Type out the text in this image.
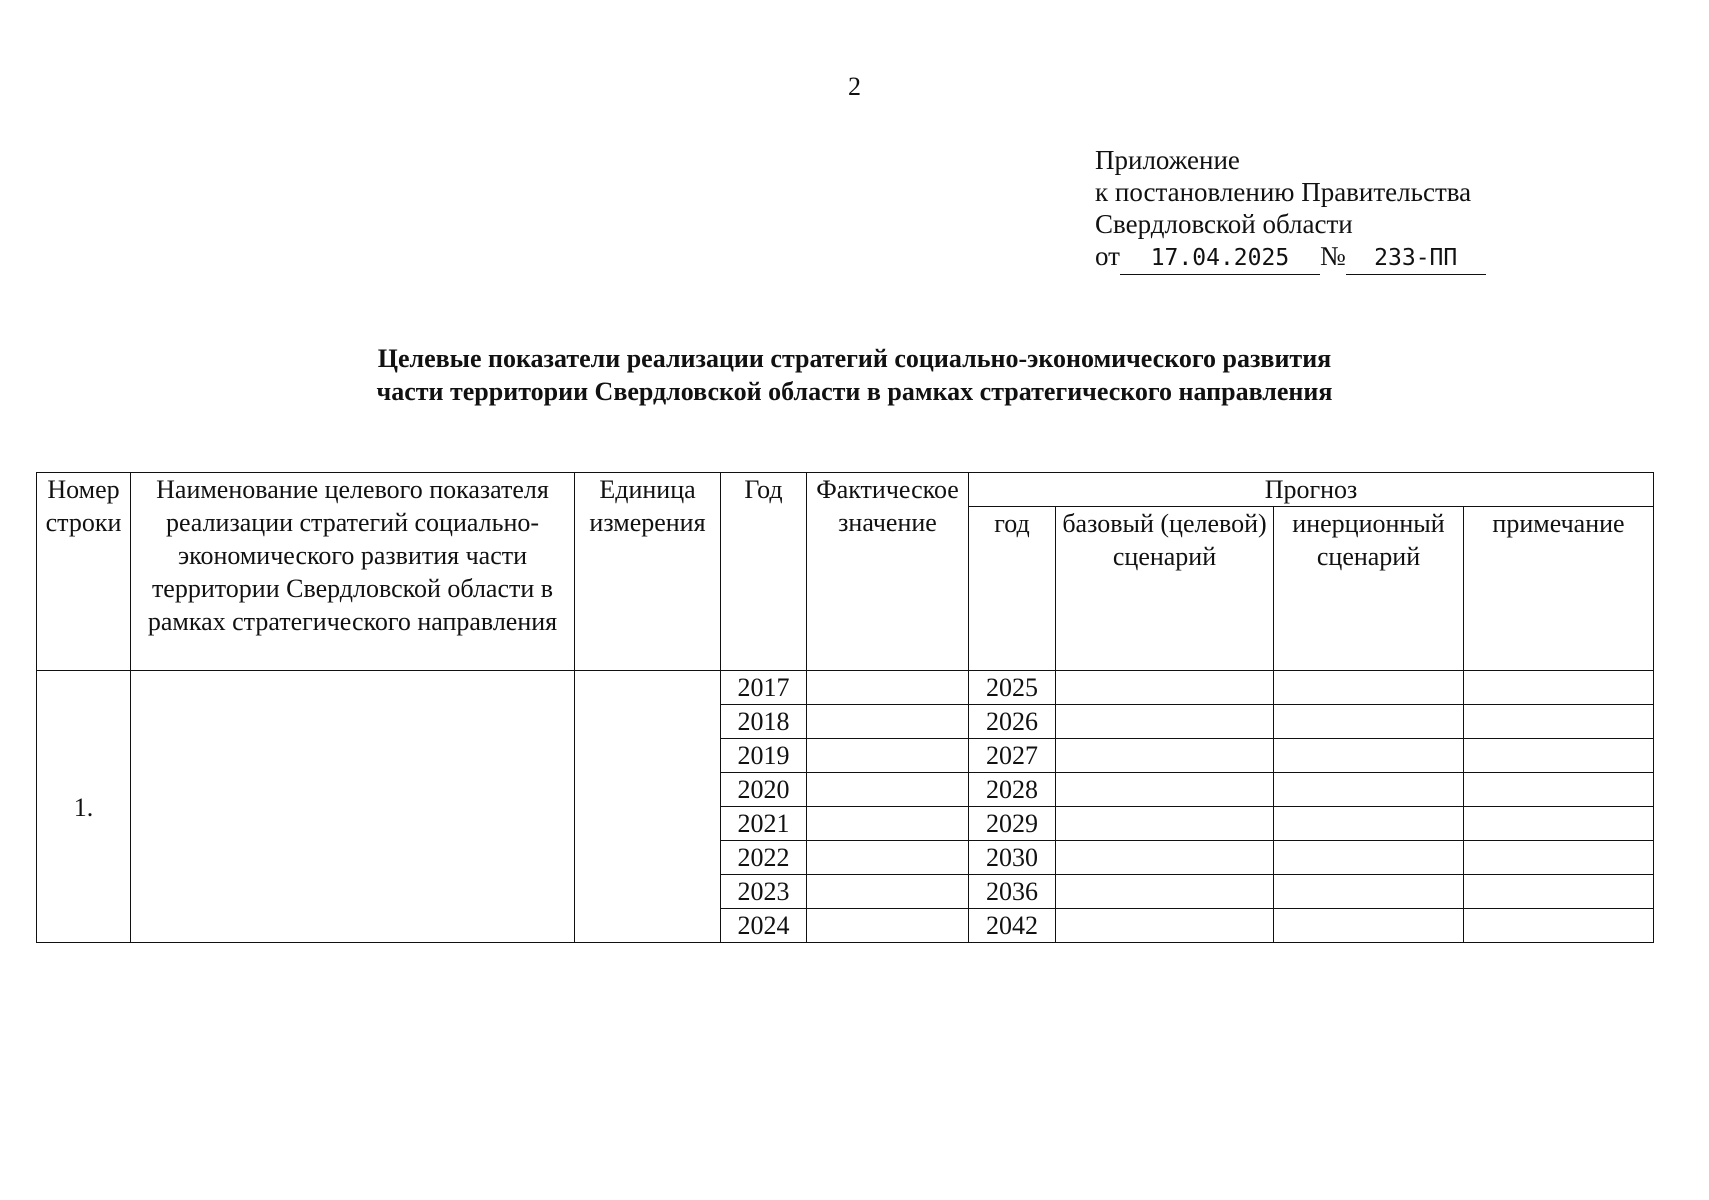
2
Приложение
к постановлению Правительства
Свердловской области
от 17.04.2025 № 233-ПП
Целевые показатели реализации стратегий социально-экономического развития
части территории Свердловской области в рамках стратегического направления
Номер строки	Наименование целевого показателя реализации стратегий социально-экономического развития части территории Свердловской области в рамках стратегического направления	Единица измерения	Год	Фактическое значение	Прогноз			
					год	базовый (целевой) сценарий	инерционный сценарий	примечание
1.			2017		2025			
			2018		2026			
			2019		2027			
			2020		2028			
			2021		2029			
			2022		2030			
			2023		2036			
			2024		2042			
